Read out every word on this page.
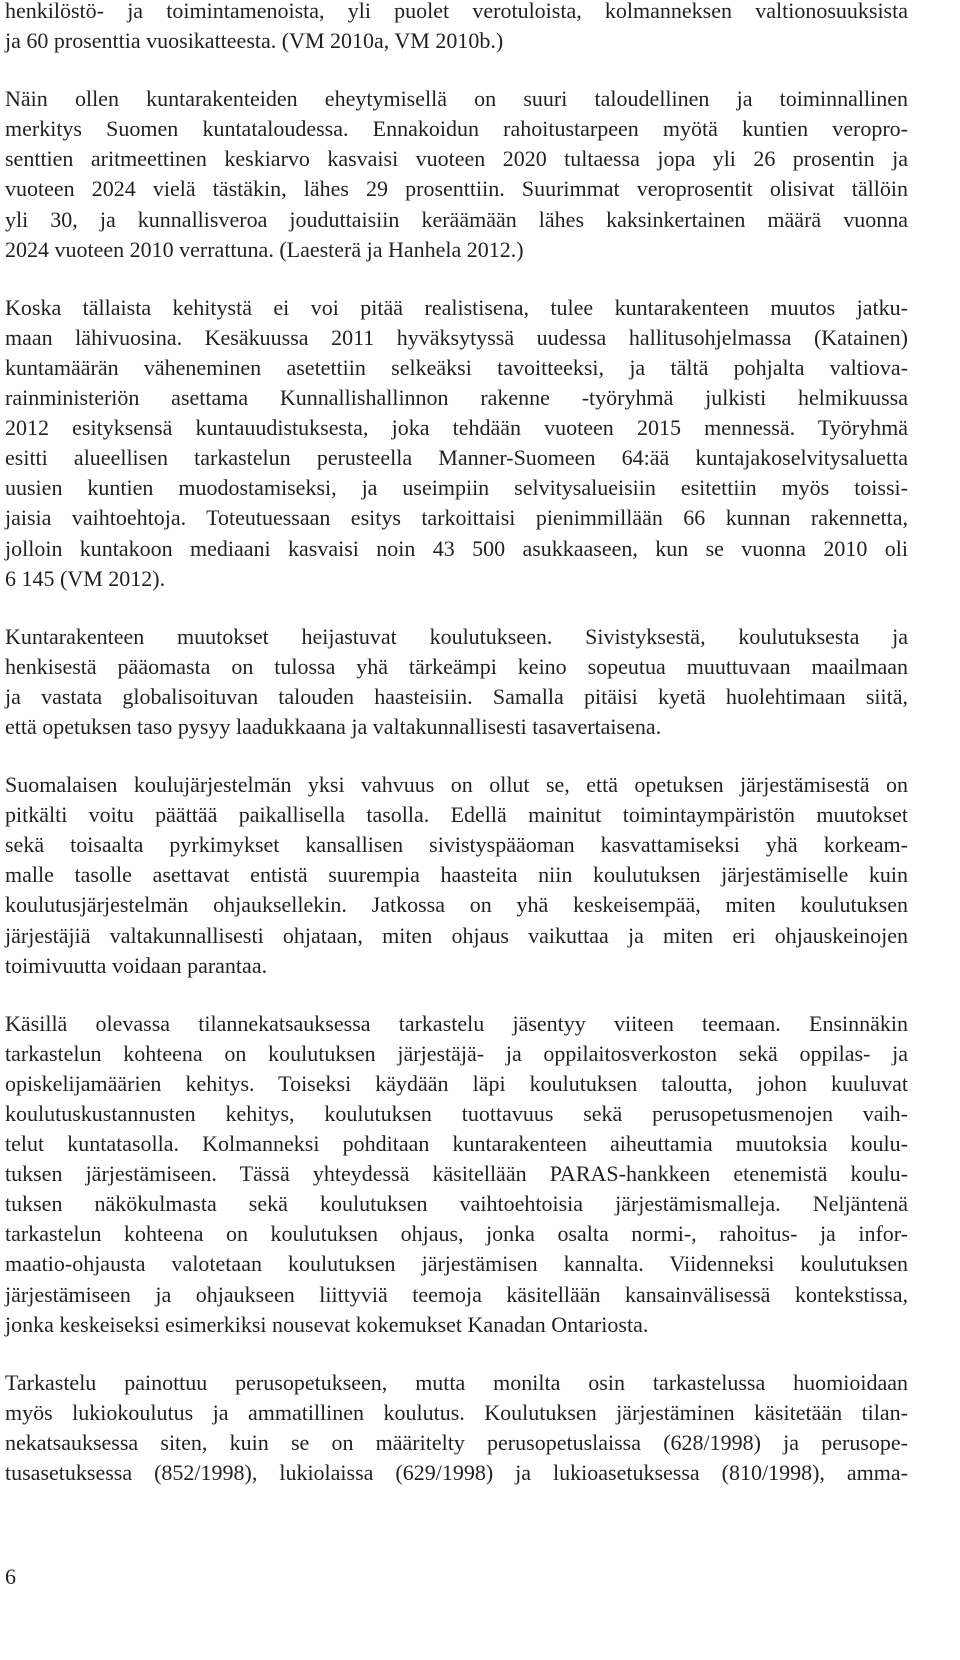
henkilöstö- ja toimintamenoista, yli puolet verotuloista, kolmanneksen valtionosuuksista
ja 60 prosenttia vuosikatteesta. (VM 2010a, VM 2010b.)

Näin ollen kuntarakenteiden eheytymisellä on suuri taloudellinen ja toiminnallinen
merkitys Suomen kuntataloudessa. Ennakoidun rahoitustarpeen myötä kuntien veropro-
senttien aritmeettinen keskiarvo kasvaisi vuoteen 2020 tultaessa jopa yli 26 prosentin ja
vuoteen 2024 vielä tästäkin, lähes 29 prosenttiin. Suurimmat veroprosentit olisivat tällöin
yli 30, ja kunnallisveroa jouduttaisiin keräämään lähes kaksinkertainen määrä vuonna
2024 vuoteen 2010 verrattuna. (Laesterä ja Hanhela 2012.)

Koska tällaista kehitystä ei voi pitää realistisena, tulee kuntarakenteen muutos jatku-
maan lähivuosina. Kesäkuussa 2011 hyväksytyssä uudessa hallitusohjelmassa (Katainen)
kuntamäärän väheneminen asetettiin selkeäksi tavoitteeksi, ja tältä pohjalta valtiova-
rainministeriön asettama Kunnallishallinnon rakenne -työryhmä julkisti helmikuussa
2012 esityksensä kuntauudistuksesta, joka tehdään vuoteen 2015 mennessä. Työryhmä
esitti alueellisen tarkastelun perusteella Manner-Suomeen 64:ää kuntajakoselvitysaluetta
uusien kuntien muodostamiseksi, ja useimpiin selvitysalueisiin esitettiin myös toissi-
jaisia vaihtoehtoja. Toteutuessaan esitys tarkoittaisi pienimmillään 66 kunnan rakennetta,
jolloin kuntakoon mediaani kasvaisi noin 43 500 asukkaaseen, kun se vuonna 2010 oli
6 145 (VM 2012).

Kuntarakenteen muutokset heijastuvat koulutukseen. Sivistyksestä, koulutuksesta ja
henkisestä pääomasta on tulossa yhä tärkeämpi keino sopeutua muuttuvaan maailmaan
ja vastata globalisoituvan talouden haasteisiin. Samalla pitäisi kyetä huolehtimaan siitä,
että opetuksen taso pysyy laadukkaana ja valtakunnallisesti tasavertaisena.

Suomalaisen koulujärjestelmän yksi vahvuus on ollut se, että opetuksen järjestämisestä on
pitkälti voitu päättää paikallisella tasolla. Edellä mainitut toimintaympäristön muutokset
sekä toisaalta pyrkimykset kansallisen sivistyspääoman kasvattamiseksi yhä korkeam-
malle tasolle asettavat entistä suurempia haasteita niin koulutuksen järjestämiselle kuin
koulutusjärjestelmän ohjauksellekin. Jatkossa on yhä keskeisempää, miten koulutuksen
järjestäjiä valtakunnallisesti ohjataan, miten ohjaus vaikuttaa ja miten eri ohjauskeinojen
toimivuutta voidaan parantaa.

Käsillä olevassa tilannekatsauksessa tarkastelu jäsentyy viiteen teemaan. Ensinnäkin
tarkastelun kohteena on koulutuksen järjestäjä- ja oppilaitosverkoston sekä oppilas- ja
opiskelijamäärien kehitys. Toiseksi käydään läpi koulutuksen taloutta, johon kuuluvat
koulutuskustannusten kehitys, koulutuksen tuottavuus sekä perusopetusmenojen vaih-
telut kuntatasolla. Kolmanneksi pohditaan kuntarakenteen aiheuttamia muutoksia koulu-
tuksen järjestämiseen. Tässä yhteydessä käsitellään PARAS-hankkeen etenemistä koulu-
tuksen näkökulmasta sekä koulutuksen vaihtoehtoisia järjestämismalleja. Neljäntenä
tarkastelun kohteena on koulutuksen ohjaus, jonka osalta normi-, rahoitus- ja infor-
maatio-ohjausta valotetaan koulutuksen järjestämisen kannalta. Viidenneksi koulutuksen
järjestämiseen ja ohjaukseen liittyviä teemoja käsitellään kansainvälisessä kontekstissa,
jonka keskeiseksi esimerkiksi nousevat kokemukset Kanadan Ontariosta.

Tarkastelu painottuu perusopetukseen, mutta monilta osin tarkastelussa huomioidaan
myös lukiokoulutus ja ammatillinen koulutus. Koulutuksen järjestäminen käsitetään tilan-
nekatsauksessa siten, kuin se on määritelty perusopetuslaissa (628/1998) ja perusope-
tusasetuksessa (852/1998), lukiolaissa (629/1998) ja lukioasetuksessa (810/1998), amma-

6
